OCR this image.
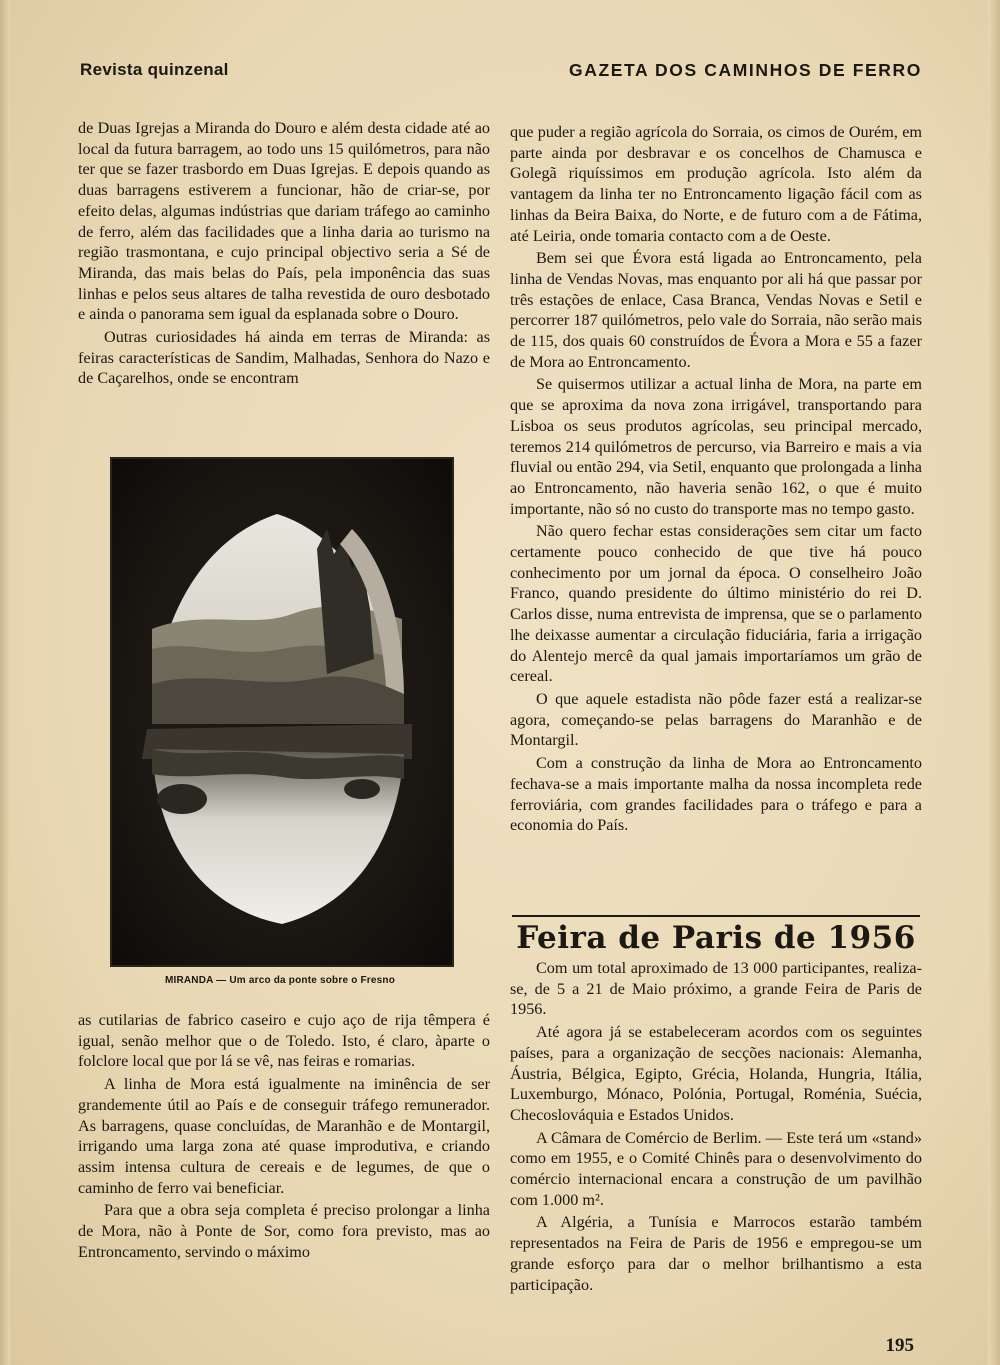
Revista quinzenal	GAZETA DOS CAMINHOS DE FERRO

de Duas Igrejas a Miranda do Douro e além desta cidade até ao local da futura barragem, ao todo uns 15 quilómetros, para não ter que se fazer trasbordo em Duas Igrejas. E depois quando as duas barragens estiverem a funcionar, hão de criar-se, por efeito delas, algumas indústrias que dariam tráfego ao caminho de ferro, além das facilidades que a linha daria ao turismo na região trasmontana, e cujo principal objectivo seria a Sé de Miranda, das mais belas do País, pela imponência das suas linhas e pelos seus altares de talha revestida de ouro desbotado e ainda o panorama sem igual da esplanada sobre o Douro.

Outras curiosidades há ainda em terras de Miranda: as feiras características de Sandim, Malhadas, Senhora do Nazo e de Caçarelhos, onde se encontram

MIRANDA — Um arco da ponte sobre o Fresno

as cutilarias de fabrico caseiro e cujo aço de rija têmpera é igual, senão melhor que o de Toledo. Isto, é claro, àparte o folclore local que por lá se vê, nas feiras e romarias.

A linha de Mora está igualmente na iminência de ser grandemente útil ao País e de conseguir tráfego remunerador. As barragens, quase concluídas, de Maranhão e de Montargil, irrigando uma larga zona até quase improdutiva, e criando assim intensa cultura de cereais e de legumes, de que o caminho de ferro vai beneficiar.

Para que a obra seja completa é preciso prolongar a linha de Mora, não à Ponte de Sor, como fora previsto, mas ao Entroncamento, servindo o máximo

que puder a região agrícola do Sorraia, os cimos de Ourém, em parte ainda por desbravar e os concelhos de Chamusca e Golegã riquíssimos em produção agrícola. Isto além da vantagem da linha ter no Entroncamento ligação fácil com as linhas da Beira Baixa, do Norte, e de futuro com a de Fátima, até Leiria, onde tomaria contacto com a de Oeste.

Bem sei que Évora está ligada ao Entroncamento, pela linha de Vendas Novas, mas enquanto por ali há que passar por três estações de enlace, Casa Branca, Vendas Novas e Setil e percorrer 187 quilómetros, pelo vale do Sorraia, não serão mais de 115, dos quais 60 construídos de Évora a Mora e 55 a fazer de Mora ao Entroncamento.

Se quisermos utilizar a actual linha de Mora, na parte em que se aproxima da nova zona irrigável, transportando para Lisboa os seus produtos agrícolas, seu principal mercado, teremos 214 quilómetros de percurso, via Barreiro e mais a via fluvial ou então 294, via Setil, enquanto que prolongada a linha ao Entroncamento, não haveria senão 162, o que é muito importante, não só no custo do transporte mas no tempo gasto.

Não quero fechar estas considerações sem citar um facto certamente pouco conhecido de que tive há pouco conhecimento por um jornal da época. O conselheiro João Franco, quando presidente do último ministério do rei D. Carlos disse, numa entrevista de imprensa, que se o parlamento lhe deixasse aumentar a circulação fiduciária, faria a irrigação do Alentejo mercê da qual jamais importaríamos um grão de cereal.

O que aquele estadista não pôde fazer está a realizar-se agora, começando-se pelas barragens do Maranhão e de Montargil.

Com a construção da linha de Mora ao Entroncamento fechava-se a mais importante malha da nossa incompleta rede ferroviária, com grandes facilidades para o tráfego e para a economia do País.

Feira de Paris de 1956

Com um total aproximado de 13 000 participantes, realiza-se, de 5 a 21 de Maio próximo, a grande Feira de Paris de 1956.

Até agora já se estabeleceram acordos com os seguintes países, para a organização de secções nacionais: Alemanha, Áustria, Bélgica, Egipto, Grécia, Holanda, Hungria, Itália, Luxemburgo, Mónaco, Polónia, Portugal, Roménia, Suécia, Checoslováquia e Estados Unidos.

A Câmara de Comércio de Berlim. — Este terá um «stand» como em 1955, e o Comité Chinês para o desenvolvimento do comércio internacional encara a construção de um pavilhão com 1.000 m².

A Algéria, a Tunísia e Marrocos estarão também representados na Feira de Paris de 1956 e empregou-se um grande esforço para dar o melhor brilhantismo a esta participação.

195
